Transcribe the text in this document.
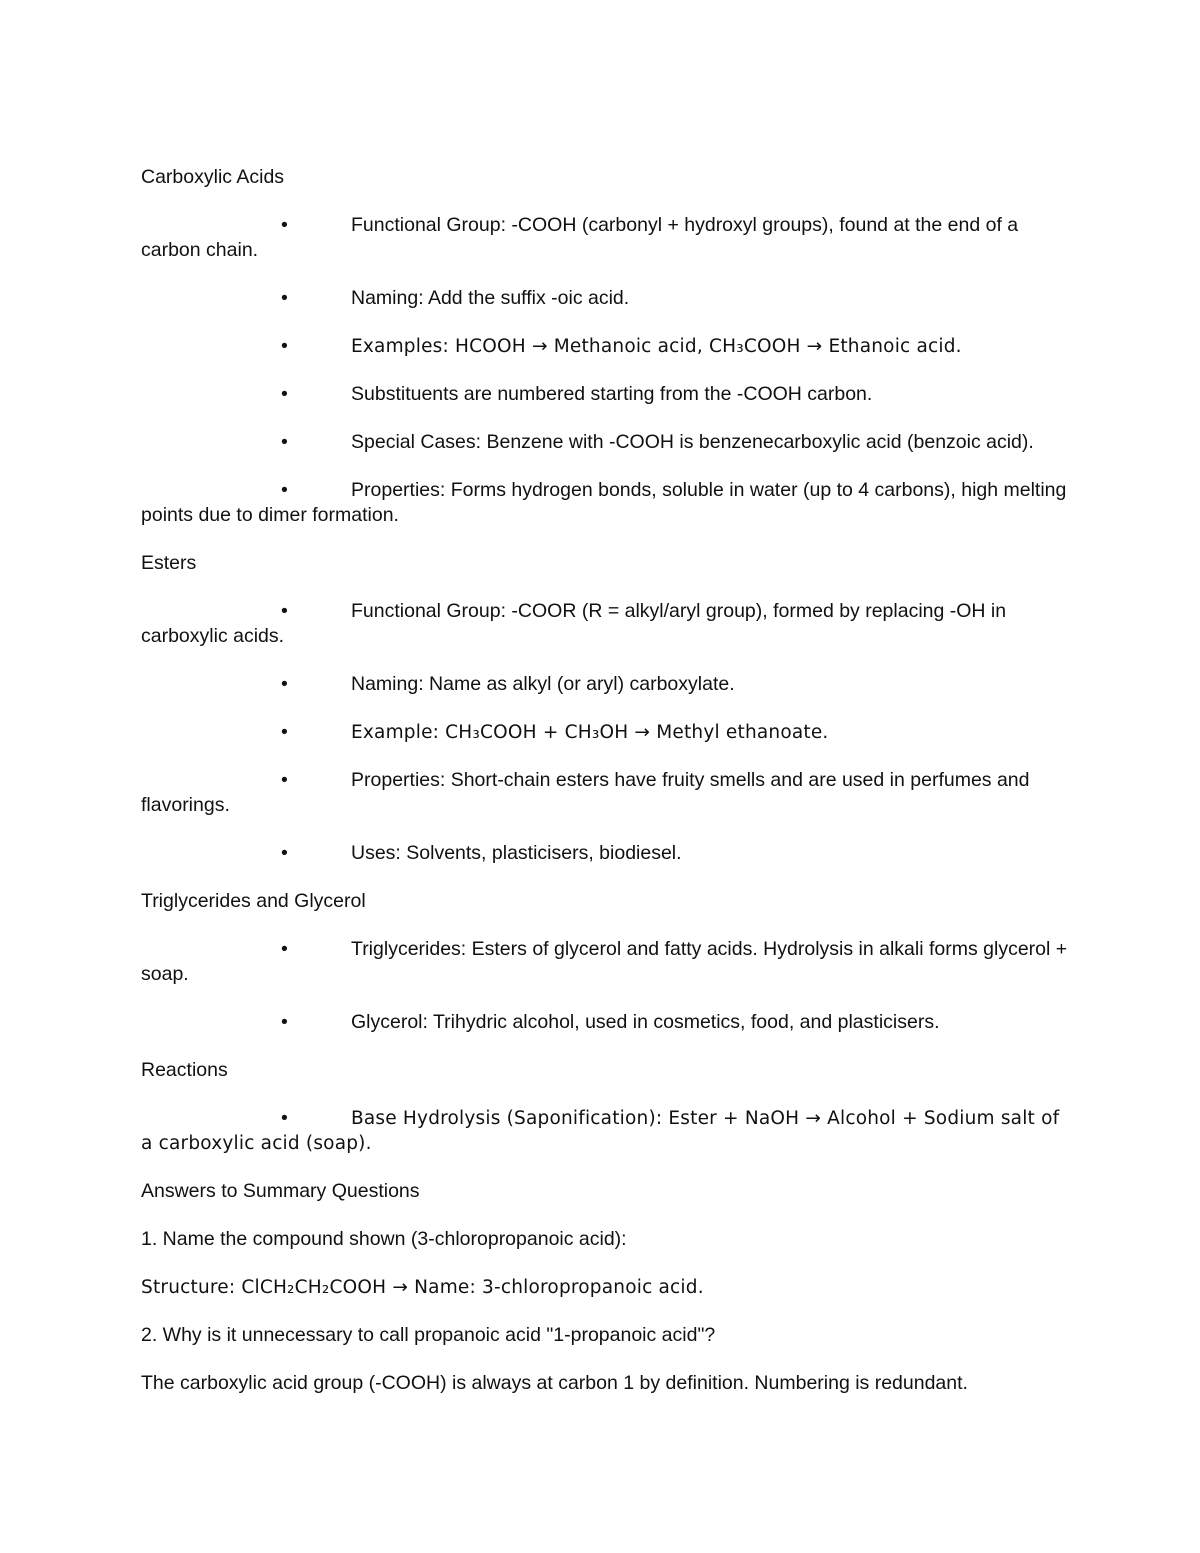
Carboxylic Acids

•	Functional Group: -COOH (carbonyl + hydroxyl groups), found at the end of a carbon chain.

•	Naming: Add the suffix -oic acid.

•	Examples: HCOOH → Methanoic acid, CH₃COOH → Ethanoic acid.

•	Substituents are numbered starting from the -COOH carbon.

•	Special Cases: Benzene with -COOH is benzenecarboxylic acid (benzoic acid).

•	Properties: Forms hydrogen bonds, soluble in water (up to 4 carbons), high melting points due to dimer formation.

Esters

•	Functional Group: -COOR (R = alkyl/aryl group), formed by replacing -OH in carboxylic acids.

•	Naming: Name as alkyl (or aryl) carboxylate.

•	Example: CH₃COOH + CH₃OH → Methyl ethanoate.

•	Properties: Short-chain esters have fruity smells and are used in perfumes and flavorings.

•	Uses: Solvents, plasticisers, biodiesel.

Triglycerides and Glycerol

•	Triglycerides: Esters of glycerol and fatty acids. Hydrolysis in alkali forms glycerol + soap.

•	Glycerol: Trihydric alcohol, used in cosmetics, food, and plasticisers.

Reactions

•	Base Hydrolysis (Saponification): Ester + NaOH → Alcohol + Sodium salt of a carboxylic acid (soap).

Answers to Summary Questions

1. Name the compound shown (3-chloropropanoic acid):

Structure: ClCH₂CH₂COOH → Name: 3-chloropropanoic acid.

2. Why is it unnecessary to call propanoic acid "1-propanoic acid"?

The carboxylic acid group (-COOH) is always at carbon 1 by definition. Numbering is redundant.
